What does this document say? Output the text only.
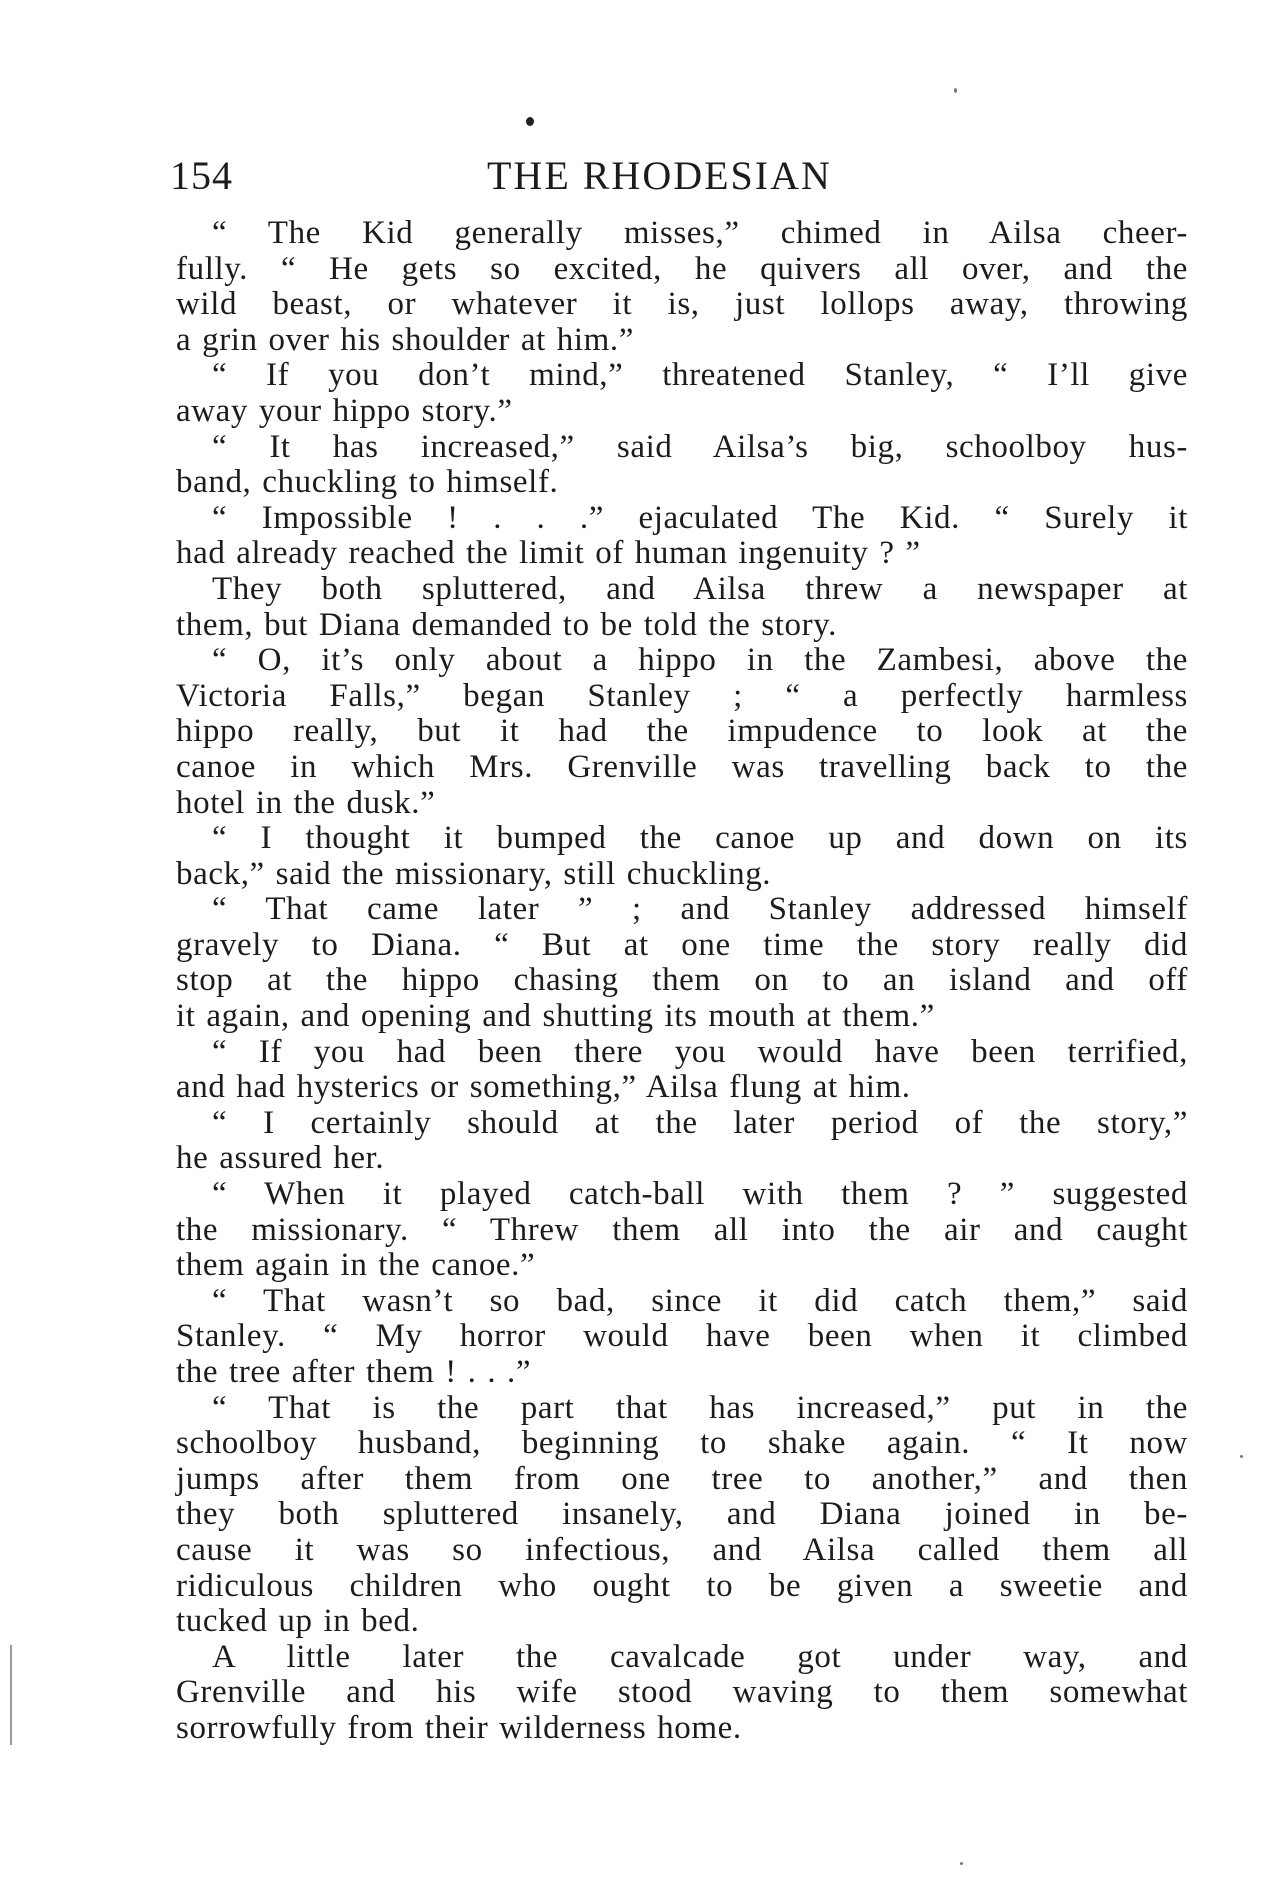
154	THE RHODESIAN
“ The Kid generally misses,” chimed in Ailsa cheer-
fully. “ He gets so excited, he quivers all over, and the
wild beast, or whatever it is, just lollops away, throwing
a grin over his shoulder at him.”
“ If you don’t mind,” threatened Stanley, “ I’ll give
away your hippo story.”
“ It has increased,” said Ailsa’s big, schoolboy hus-
band, chuckling to himself.
“ Impossible ! . . .” ejaculated The Kid. “ Surely it
had already reached the limit of human ingenuity ? ”
They both spluttered, and Ailsa threw a newspaper at
them, but Diana demanded to be told the story.
“ O, it’s only about a hippo in the Zambesi, above the
Victoria Falls,” began Stanley ; “ a perfectly harmless
hippo really, but it had the impudence to look at the
canoe in which Mrs. Grenville was travelling back to the
hotel in the dusk.”
“ I thought it bumped the canoe up and down on its
back,” said the missionary, still chuckling.
“ That came later ” ; and Stanley addressed himself
gravely to Diana. “ But at one time the story really did
stop at the hippo chasing them on to an island and off
it again, and opening and shutting its mouth at them.”
“ If you had been there you would have been terrified,
and had hysterics or something,” Ailsa flung at him.
“ I certainly should at the later period of the story,”
he assured her.
“ When it played catch-ball with them ? ” suggested
the missionary. “ Threw them all into the air and caught
them again in the canoe.”
“ That wasn’t so bad, since it did catch them,” said
Stanley. “ My horror would have been when it climbed
the tree after them ! . . .”
“ That is the part that has increased,” put in the
schoolboy husband, beginning to shake again. “ It now
jumps after them from one tree to another,” and then
they both spluttered insanely, and Diana joined in be-
cause it was so infectious, and Ailsa called them all
ridiculous children who ought to be given a sweetie and
tucked up in bed.
A little later the cavalcade got under way, and
Grenville and his wife stood waving to them somewhat
sorrowfully from their wilderness home.
